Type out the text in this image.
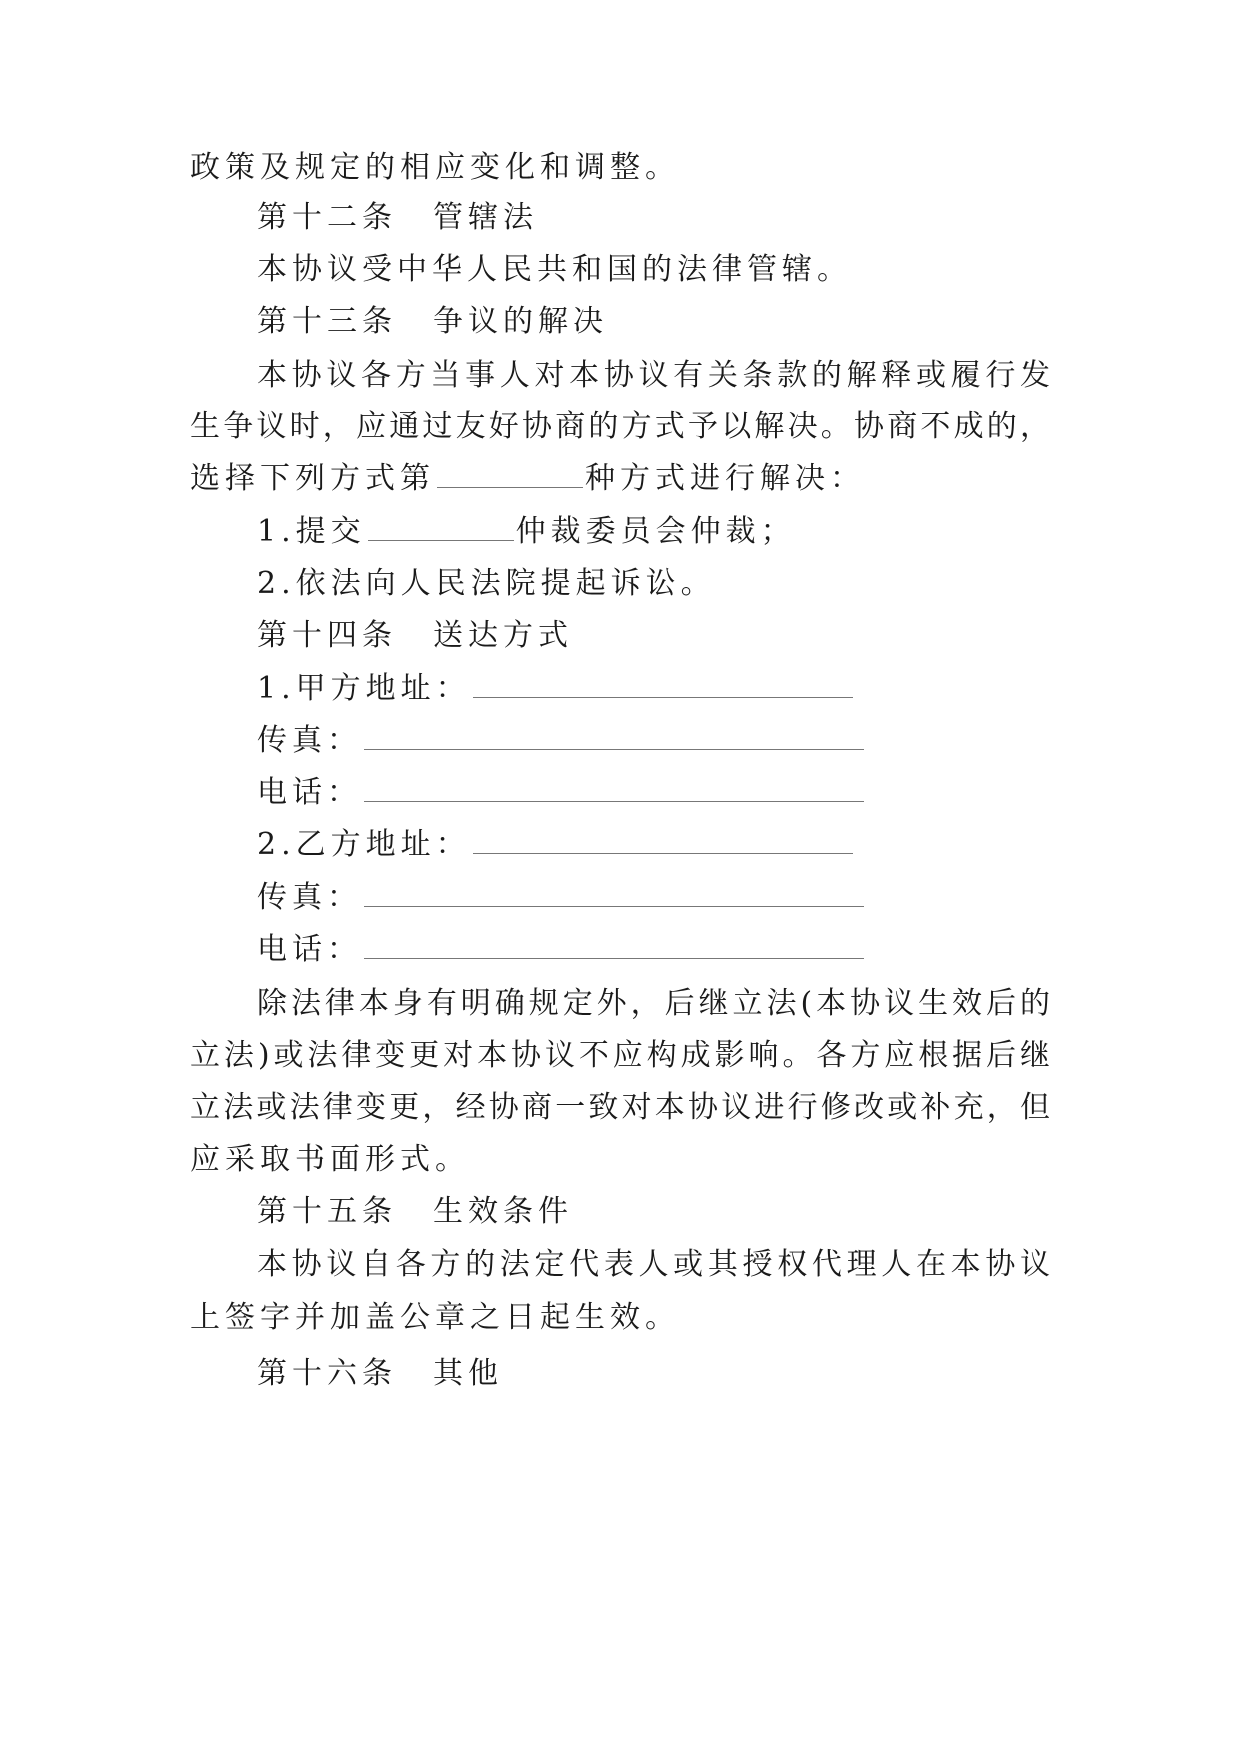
政策及规定的相应变化和调整。
第十二条 管辖法
本协议受中华人民共和国的法律管辖。
第十三条 争议的解决
本协议各方当事人对本协议有关条款的解释或履行发
生争议时，应通过友好协商的方式予以解决。协商不成的，
选择下列方式第	种方式进行解决：
1.提交	仲裁委员会仲裁；
2.依法向人民法院提起诉讼。
第十四条 送达方式
1.甲方地址：
传真：
电话：
2.乙方地址：
传真：
电话：
除法律本身有明确规定外，后继立法(本协议生效后的
立法)或法律变更对本协议不应构成影响。各方应根据后继
立法或法律变更，经协商一致对本协议进行修改或补充，但
应采取书面形式。
第十五条 生效条件
本协议自各方的法定代表人或其授权代理人在本协议
上签字并加盖公章之日起生效。
第十六条 其他
